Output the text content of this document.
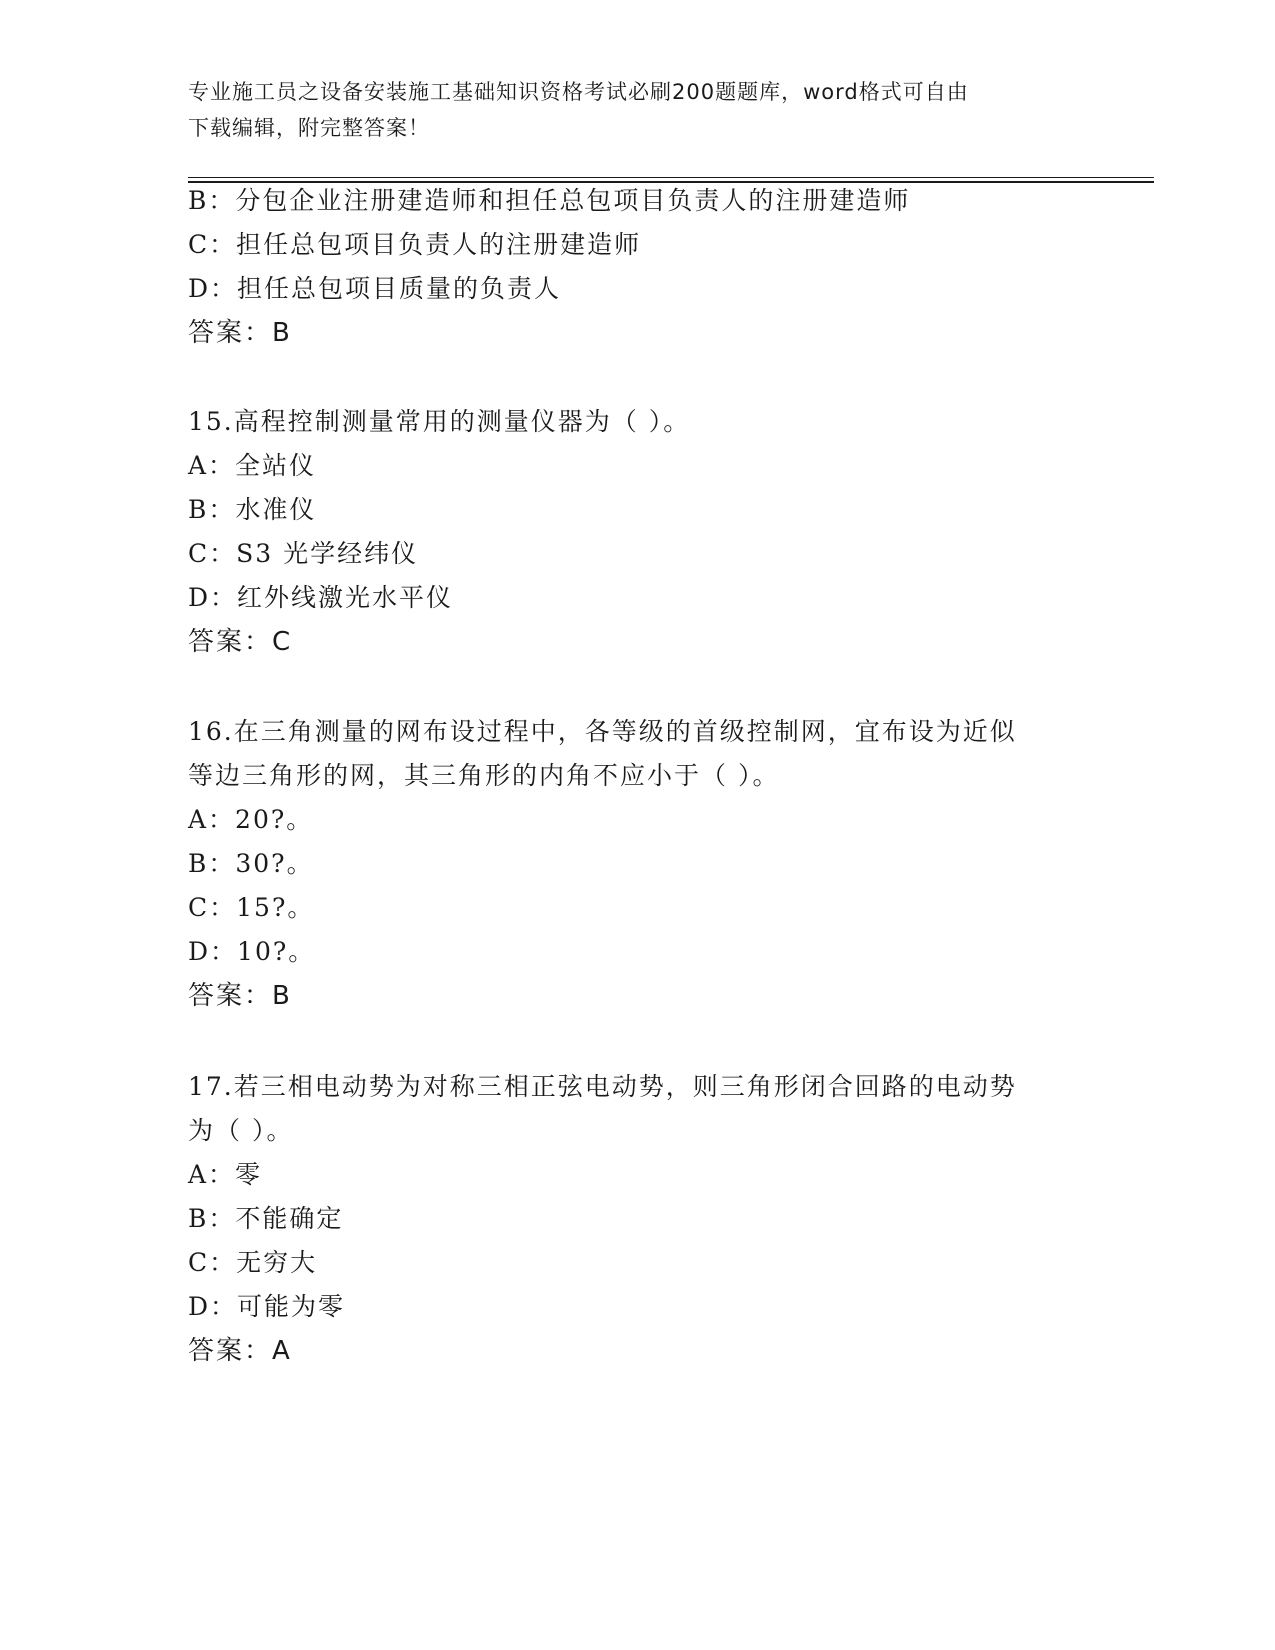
专业施工员之设备安装施工基础知识资格考试必刷200题题库，word格式可自由
下载编辑，附完整答案！
B：分包企业注册建造师和担任总包项目负责人的注册建造师
C：担任总包项目负责人的注册建造师
D：担任总包项目质量的负责人
答案：B
15.高程控制测量常用的测量仪器为（ ）。
A：全站仪
B：水准仪
C：S3 光学经纬仪
D：红外线激光水平仪
答案：C
16.在三角测量的网布设过程中，各等级的首级控制网，宜布设为近似
等边三角形的网，其三角形的内角不应小于（ ）。
A：20?。
B：30?。
C：15?。
D：10?。
答案：B
17.若三相电动势为对称三相正弦电动势，则三角形闭合回路的电动势
为（ ）。
A：零
B：不能确定
C：无穷大
D：可能为零
答案：A
